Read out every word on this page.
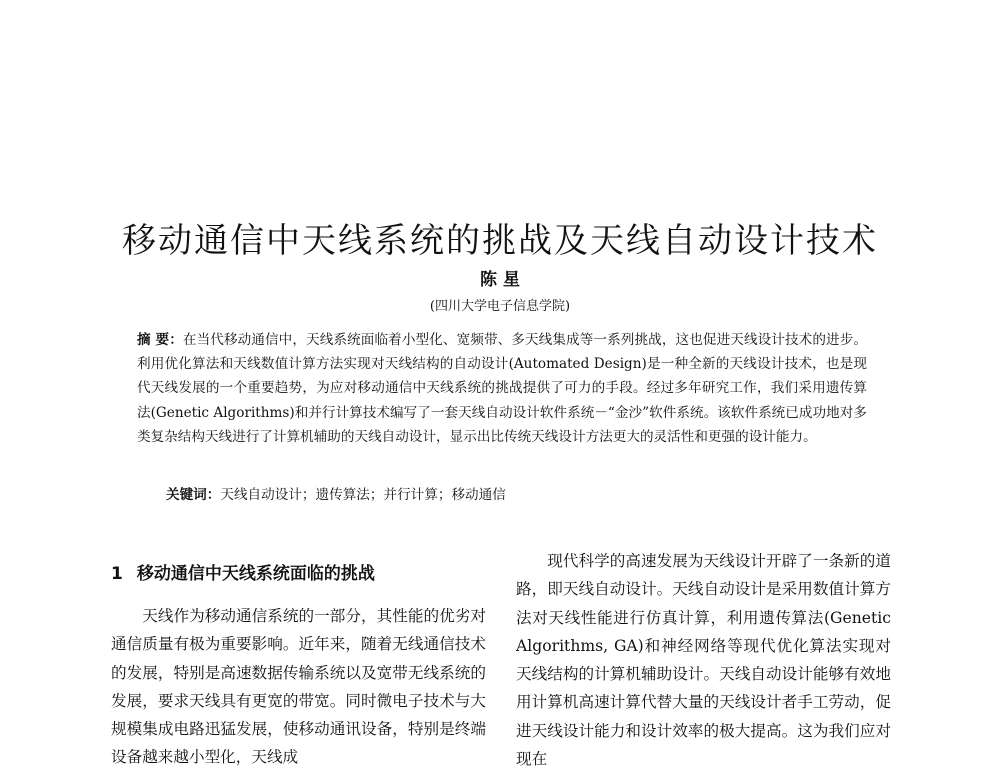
移动通信中天线系统的挑战及天线自动设计技术
陈 星
(四川大学电子信息学院)
摘 要：在当代移动通信中，天线系统面临着小型化、宽频带、多天线集成等一系列挑战，这也促进天线设计技术的进步。利用优化算法和天线数值计算方法实现对天线结构的自动设计(Automated Design)是一种全新的天线设计技术，也是现代天线发展的一个重要趋势，为应对移动通信中天线系统的挑战提供了可力的手段。经过多年研究工作，我们采用遗传算法(Genetic Algorithms)和并行计算技术编写了一套天线自动设计软件系统－“金沙”软件系统。该软件系统已成功地对多类复杂结构天线进行了计算机辅助的天线自动设计，显示出比传统天线设计方法更大的灵活性和更强的设计能力。
关键词：天线自动设计；遗传算法；并行计算；移动通信
1 移动通信中天线系统面临的挑战

天线作为移动通信系统的一部分，其性能的优劣对通信质量有极为重要影响。近年来，随着无线通信技术的发展，特别是高速数据传输系统以及宽带无线系统的发展，要求天线具有更宽的带宽。同时微电子技术与大规模集成电路迅猛发展，使移动通讯设备，特别是终端设备越来越小型化，天线成

现代科学的高速发展为天线设计开辟了一条新的道路，即天线自动设计。天线自动设计是采用数值计算方法对天线性能进行仿真计算，利用遗传算法(Genetic Algorithms, GA)和神经网络等现代优化算法实现对天线结构的计算机辅助设计。天线自动设计能够有效地用计算机高速计算代替大量的天线设计者手工劳动，促进天线设计能力和设计效率的极大提高。这为我们应对现在
